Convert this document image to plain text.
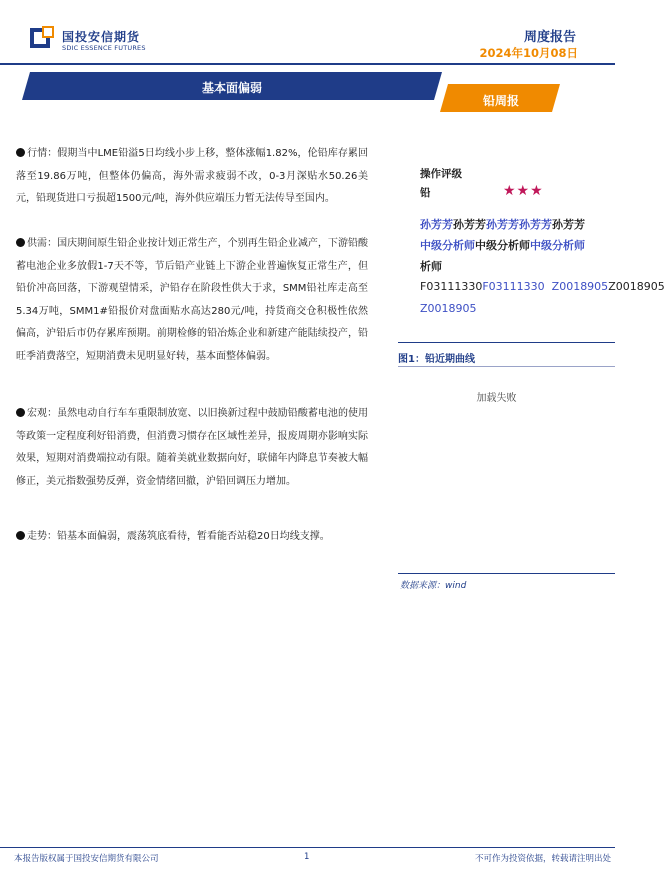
国投安信期货
SDIC ESSENCE FUTURES
周度报告
2024年10月08日
基本面偏弱
铅周报
行情：假期当中LME铅溢5日均线小步上移，整体涨幅1.82%，伦铅库存累回落至19.86万吨，但整体仍偏高，海外需求疲弱不改，0-3月深贴水50.26美元，铅现货进口亏损超1500元/吨，海外供应端压力暂无法传导至国内。
供需：国庆期间原生铅企业按计划正常生产，个别再生铅企业减产，下游铅酸蓄电池企业多放假1-7天不等，节后铅产业链上下游企业普遍恢复正常生产，但铅价冲高回落，下游观望情采，沪铅存在阶段性供大于求，SMM铅社库走高至5.34万吨，SMM1#铅报价对盘面贴水高达280元/吨，持货商交仓积极性依然偏高，沪铅后市仍存累库预期。前期检修的铅冶炼企业和新建产能陆续投产，铅旺季消费落空，短期消费未见明显好转，基本面整体偏弱。
宏观：虽然电动自行车车重限制放宽、以旧换新过程中鼓励铅酸蓄电池的使用等政策一定程度利好铅消费，但消费习惯存在区域性差异，报废周期亦影响实际效果，短期对消费端拉动有限。随着美就业数据向好，联储年内降息节奏被大幅修正，美元指数强势反弹，资金情绪回撤，沪铅回调压力增加。
走势：铅基本面偏弱，震荡筑底看待，暂看能否站稳20日均线支撑。
操作评级
铅	★★★
孙芳芳孙芳芳孙芳芳孙芳芳孙芳芳
中级分析师中级分析师中级分析师
析师
F03111330F03111330 Z0018905Z0018905
Z0018905
图1：铅近期曲线
加载失败
数据来源：wind
本报告版权属于国投安信期货有限公司	1	不可作为投资依据，转载请注明出处
